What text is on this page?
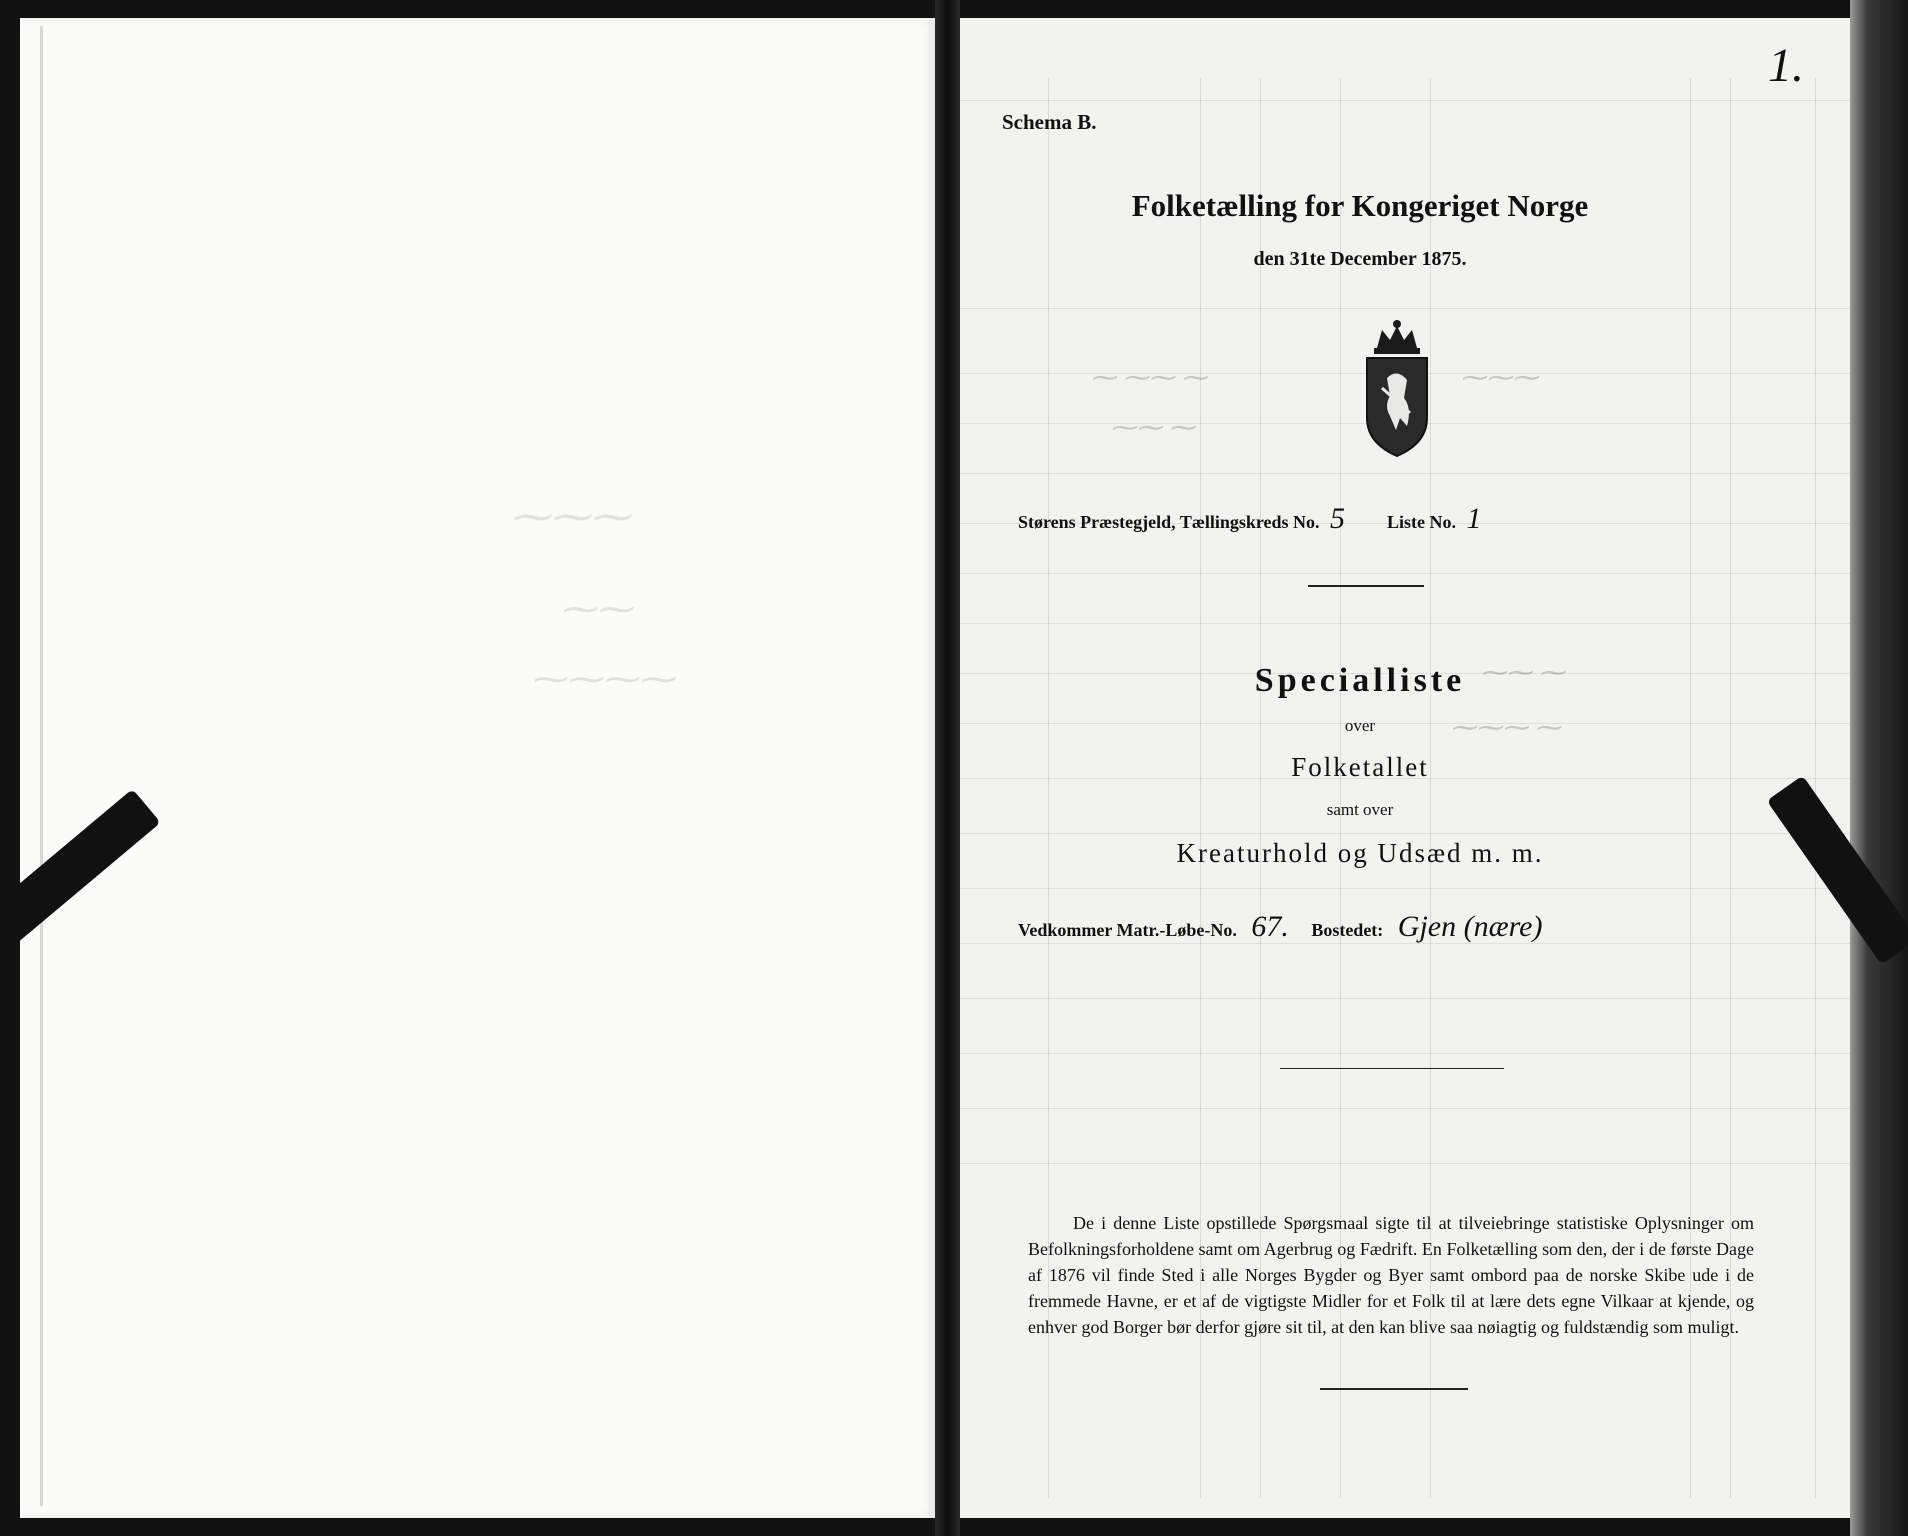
⁓⁓⁓
⁓⁓
⁓⁓⁓⁓
⁓ ⁓⁓ ⁓
⁓⁓ ⁓
⁓⁓⁓
⁓⁓ ⁓
⁓⁓⁓ ⁓
Schema B.
1.
Folketælling for Kongeriget Norge
den 31te December 1875.
Størens Præstegjeld, Tællingskreds No. 5 Liste No. 1
Specialliste
over
Folketallet
samt over
Kreaturhold og Udsæd m. m.
Vedkommer Matr.-Løbe-No. 67. Bostedet: Gjen (nære)

De i denne Liste opstillede Spørgsmaal sigte til at tilveiebringe statistiske Oplysninger om Befolkningsforholdene samt om Agerbrug og Fædrift. En Folketælling som den, der i de første Dage af 1876 vil finde Sted i alle Norges Bygder og Byer samt ombord paa de norske Skibe ude i de fremmede Havne, er et af de vigtigste Midler for et Folk til at lære dets egne Vilkaar at kjende, og enhver god Borger bør derfor gjøre sit til, at den kan blive saa nøiagtig og fuldstændig som muligt.
